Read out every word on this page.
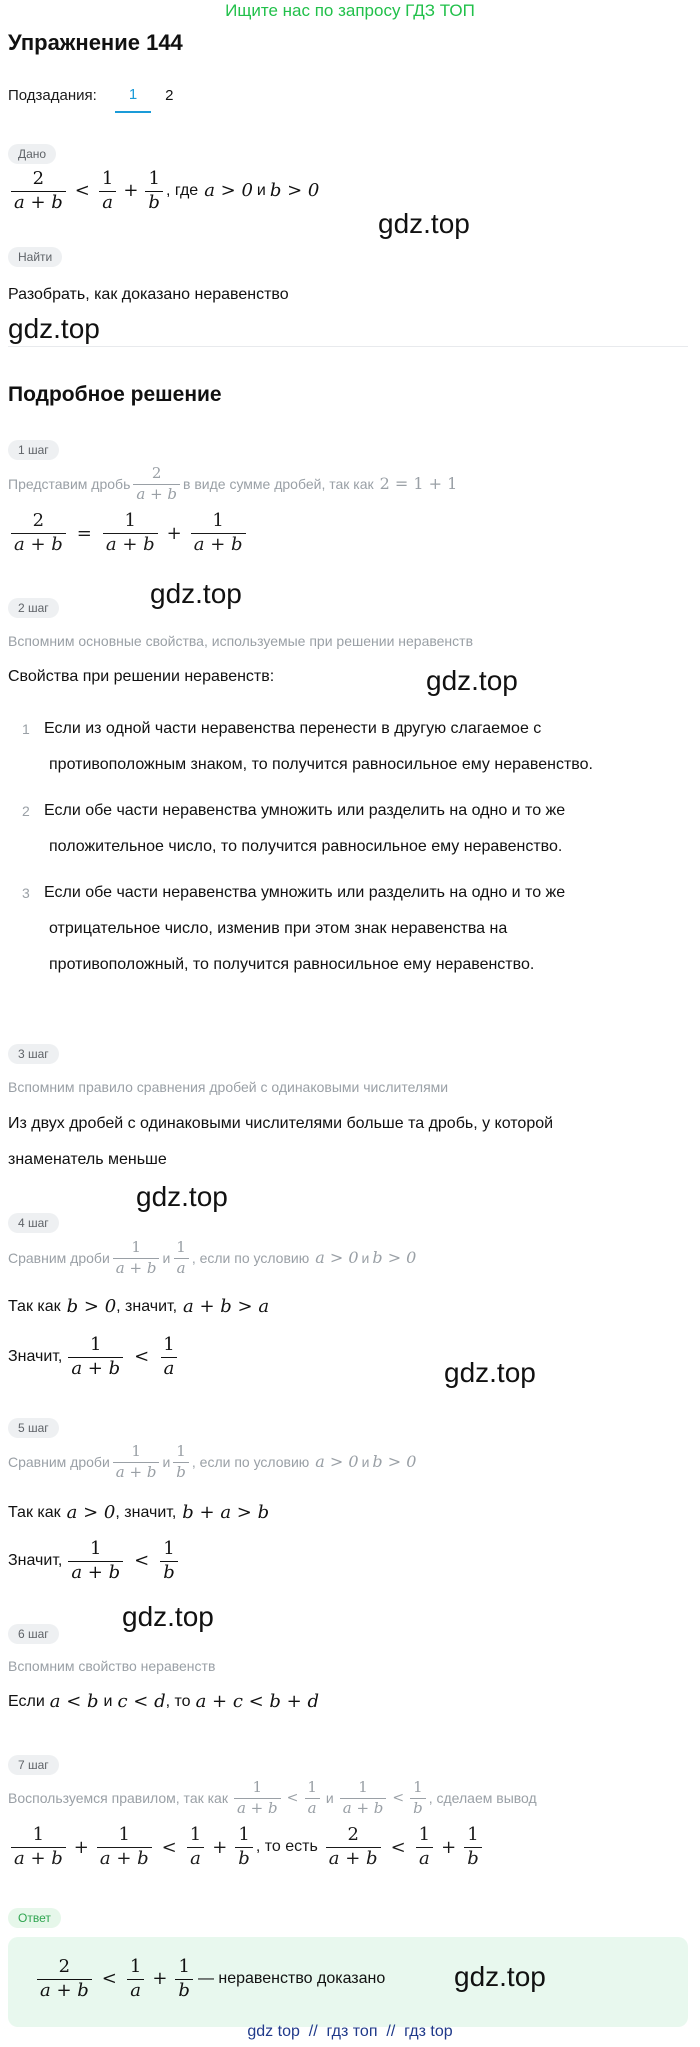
Ищите нас по запросу ГДЗ ТОП
Упражнение 144
Подзадания:	1	2
Дано
$\frac{2}{a + b} < \frac{1}{a} + \frac{1}{b}$ , где a > 0 и b > 0
gdz.top
Найти
Разобрать, как доказано неравенство
gdz.top
Подробное решение
1 шаг
Представим дробь $\frac{2}{a + b}$ в виде сумме дробей, так как 2 = 1 + 1
$\frac{2}{a + b} = \frac{1}{a + b} + \frac{1}{a + b}$
gdz.top
2 шаг
Вспомним основные свойства, используемые при решении неравенств
Свойства при решении неравенств:	gdz.top
1 Если из одной части неравенства перенести в другую слагаемое с
противоположным знаком, то получится равносильное ему неравенство.
2 Если обе части неравенства умножить или разделить на одно и то же
положительное число, то получится равносильное ему неравенство.
3 Если обе части неравенства умножить или разделить на одно и то же
отрицательное число, изменив при этом знак неравенства на
противоположный, то получится равносильное ему неравенство.
3 шаг
Вспомним правило сравнения дробей с одинаковыми числителями
Из двух дробей с одинаковыми числителями больше та дробь, у которой
знаменатель меньше
gdz.top
4 шаг
Сравним дроби $\frac{1}{a + b}$ и $\frac{1}{a}$ , если по условию a > 0 и b > 0
Так как b > 0 , значит, a + b > a
Значит, $\frac{1}{a + b} < \frac{1}{a}$	gdz.top
5 шаг
Сравним дроби $\frac{1}{a + b}$ и $\frac{1}{b}$ , если по условию a > 0 и b > 0
Так как a > 0 , значит, b + a > b
Значит, $\frac{1}{a + b} < \frac{1}{b}$
gdz.top
6 шаг
Вспомним свойство неравенств
Если a < b и c < d , то a + c < b + d
7 шаг
Воспользуемся правилом, так как $\frac{1}{a + b} < \frac{1}{a}$ и $\frac{1}{a + b} < \frac{1}{b}$ , сделаем вывод
$\frac{1}{a + b} + \frac{1}{a + b} < \frac{1}{a} + \frac{1}{b}$ , то есть $\frac{2}{a + b} < \frac{1}{a} + \frac{1}{b}$
Ответ
$\frac{2}{a + b} < \frac{1}{a} + \frac{1}{b}$ — неравенство доказано gdz.top
gdz top  //  гдз топ  //  гдз top
